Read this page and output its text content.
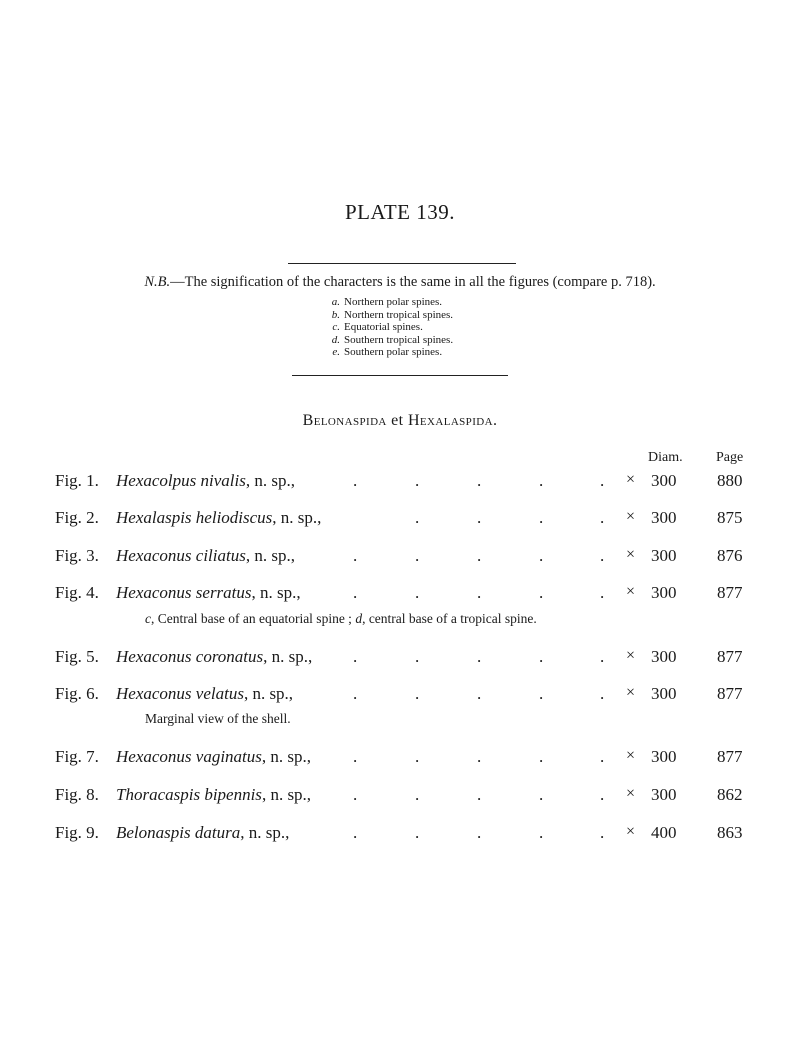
PLATE 139.
N.B.—The signification of the characters is the same in all the figures (compare p. 718).
a. Northern polar spines.
b. Northern tropical spines.
c. Equatorial spines.
d. Southern tropical spines.
e. Southern polar spines.
Belonaspida et Hexalaspida.
Diam. Page
Fig. 1. Hexacolpus nivalis, n. sp.,	.	.	.	.	. × 300 880
Fig. 2. Hexalaspis heliodiscus, n. sp.,	.	.	.	. × 300 875
Fig. 3. Hexaconus ciliatus, n. sp.,	.	.	.	.	. × 300 876
Fig. 4. Hexaconus serratus, n. sp.,	.	.	.	.	. × 300 877
c, Central base of an equatorial spine ; d, central base of a tropical spine.
Fig. 5. Hexaconus coronatus, n. sp., .	.	.	.	. × 300 877
Fig. 6. Hexaconus velatus, n. sp.,	.	.	.	.	. × 300 877
Marginal view of the shell.
Fig. 7. Hexaconus vaginatus, n. sp., .	.	.	.	. × 300 877
Fig. 8. Thoracaspis bipennis, n. sp., .	.	.	.	. × 300 862
Fig. 9. Belonaspis datura, n. sp.,	.	.	.	.	. × 400 863
